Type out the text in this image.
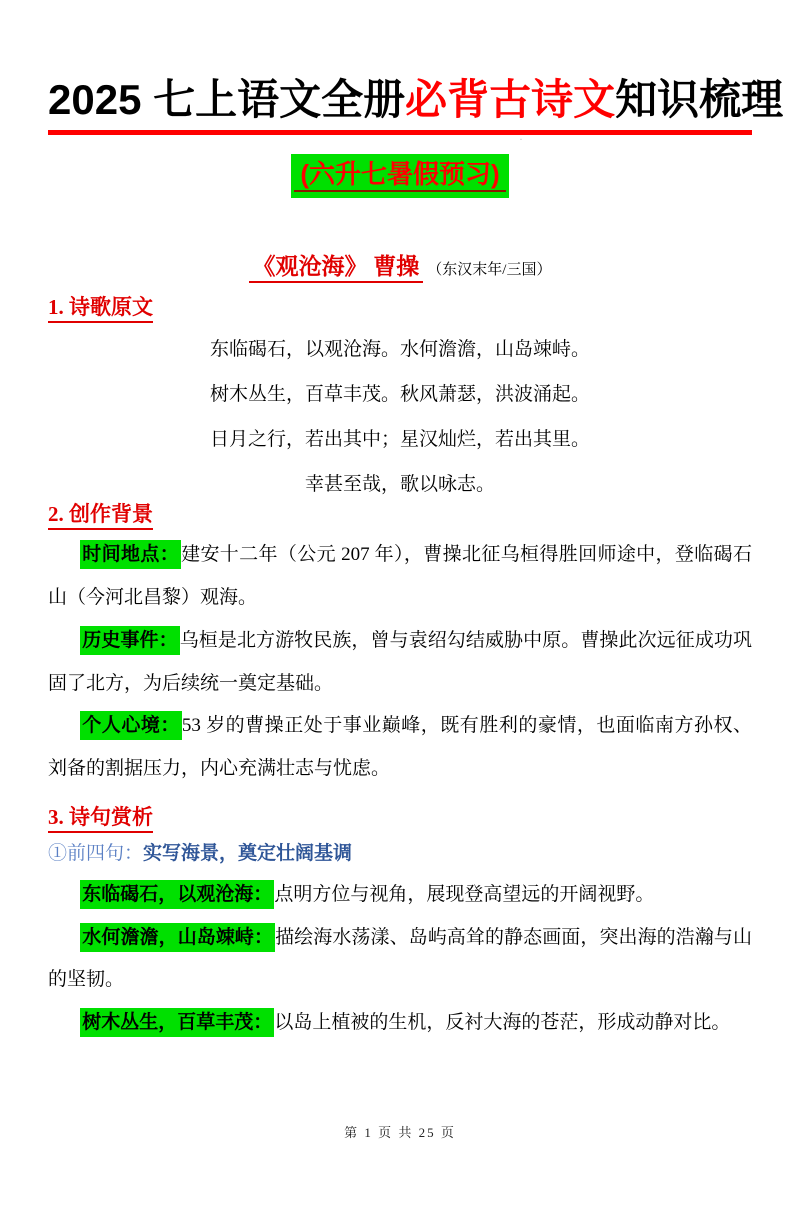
·
2025 七上语文全册必背古诗文知识梳理
(六升七暑假预习)
《观沧海》 曹操 （东汉末年/三国）
1. 诗歌原文

东临碣石，以观沧海。水何澹澹，山岛竦峙。

树木丛生，百草丰茂。秋风萧瑟，洪波涌起。

日月之行，若出其中；星汉灿烂，若出其里。

幸甚至哉，歌以咏志。

2. 创作背景

时间地点： 建安十二年（公元 207 年），曹操北征乌桓得胜回师途中，登临碣石山（今河北昌黎）观海。

历史事件： 乌桓是北方游牧民族，曾与袁绍勾结威胁中原。曹操此次远征成功巩固了北方，为后续统一奠定基础。

个人心境： 53 岁的曹操正处于事业巅峰，既有胜利的豪情，也面临南方孙权、刘备的割据压力，内心充满壮志与忧虑。

3. 诗句赏析

①前四句：实写海景，奠定壮阔基调

东临碣石，以观沧海： 点明方位与视角，展现登高望远的开阔视野。

水何澹澹，山岛竦峙： 描绘海水荡漾、岛屿高耸的静态画面，突出海的浩瀚与山的坚韧。

树木丛生，百草丰茂： 以岛上植被的生机，反衬大海的苍茫，形成动静对比。

第 1 页 共 25 页
